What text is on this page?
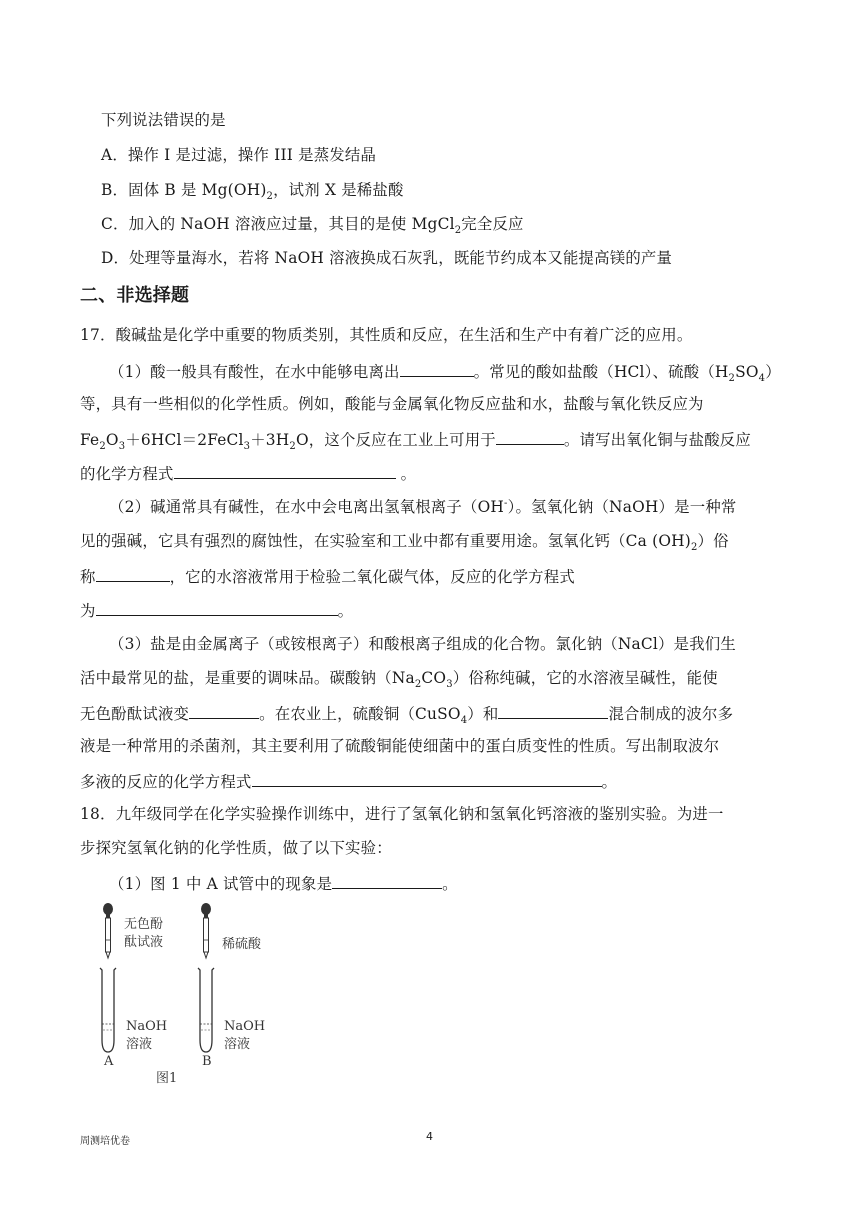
下列说法错误的是
A．操作 I 是过滤，操作 III 是蒸发结晶
B．固体 B 是 $Mg(OH)_2$，试剂 X 是稀盐酸
C．加入的 NaOH 溶液应过量，其目的是使 MgCl$_2$完全反应
D．处理等量海水，若将 NaOH 溶液换成石灰乳，既能节约成本又能提高镁的产量
二、非选择题
17．酸碱盐是化学中重要的物质类别，其性质和反应，在生活和生产中有着广泛的应用。
（1）酸一般具有酸性，在水中能够电离出	。常见的酸如盐酸（HCl）、硫酸$(H_2SO_4)$
等，具有一些相似的化学性质。例如，酸能与金属氧化物反应盐和水，盐酸与氧化铁反应为
$Fe_2O_3+6HCl=2FeCl_3+3H_2O$，这个反应在工业上可用于	。请写出氧化铜与盐酸反应
的化学方程式	。
（2）碱通常具有碱性，在水中会电离出氢氧根离子（OH-）。氢氧化钠（NaOH）是一种常
见的强碱，它具有强烈的腐蚀性，在实验室和工业中都有重要用途。氢氧化钙（Ca $(OH)_2$）俗
称	，它的水溶液常用于检验二氧化碳气体，反应的化学方程式
为	。
（3）盐是由金属离子（或铵根离子）和酸根离子组成的化合物。氯化钠（NaCl）是我们生
活中最常见的盐，是重要的调味品。碳酸钠$(Na_2CO_3)$俗称纯碱，它的水溶液呈碱性，能使
无色酚酞试液变	。在农业上，硫酸铜（CuSO$_4$）和	混合制成的波尔多
液是一种常用的杀菌剂，其主要利用了硫酸铜能使细菌中的蛋白质变性的性质。写出制取波尔
多液的反应的化学方程式	。
18．九年级同学在化学实验操作训练中，进行了氢氧化钠和氢氧化钙溶液的鉴别实验。为进一
步探究氢氧化钠的化学性质，做了以下实验：
（1）图 1 中 A 试管中的现象是	。
无色酚
酞试液	稀硫酸
NaOH
溶液
A
NaOH
溶液
B
图1
周测培优卷	4
